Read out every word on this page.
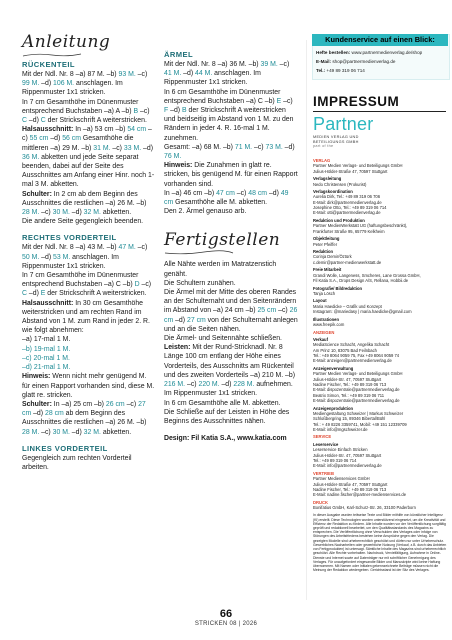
Anleitung
RÜCKENTEIL

Mit der Ndl. Nr. 8 –a) 87 M. –b) 93 M. –c) 99 M. –d) 106 M. anschlagen. Im Rippenmuster 1x1 stricken.

In 7 cm Gesamthöhe im Dünenmuster entsprechend Buchstaben –a) A –b) B –c) C –d) C der Strickschrift A weiterstricken.

Halsausschnitt: In –a) 53 cm –b) 54 cm –c) 55 cm –d) 56 cm Gesamthöhe die mittleren –a) 29 M. –b) 31 M. –c) 33 M. –d) 36 M. abketten und jede Seite separat beenden, dabei auf der Seite des Ausschnittes am Anfang einer Hinr. noch 1-mal 3 M. abketten.

Schulter: In 2 cm ab dem Beginn des Ausschnittes die restlichen –a) 26 M. –b) 28 M. –c) 30 M. –d) 32 M. abketten.

Die andere Seite gegengleich beenden.

RECHTES VORDERTEIL

Mit der Ndl. Nr. 8 –a) 43 M. –b) 47 M. –c) 50 M. –d) 53 M. anschlagen. Im Rippenmuster 1x1 stricken.

In 7 cm Gesamthöhe im Dünenmuster entsprechend Buchstaben –a) C –b) D –c) C –d) E der Strickschrift A weiterstricken.

Halsausschnitt: In 30 cm Gesamthöhe weiterstricken und am rechten Rand im Abstand von 1 M. zum Rand in jeder 2. R. wie folgt abnehmen:

–a) 17-mal 1 M.

–b) 19-mal 1 M.

–c) 20-mal 1 M.

–d) 21-mal 1 M.

Hinweis: Wenn nicht mehr genügend M. für einen Rapport vorhanden sind, diese M. glatt re. stricken.

Schulter: In –a) 25 cm –b) 26 cm –c) 27 cm –d) 28 cm ab dem Beginn des Ausschnittes die restlichen –a) 26 M. –b) 28 M. –c) 30 M. –d) 32 M. abketten.

LINKES VORDERTEIL

Gegengleich zum rechten Vorderteil arbeiten.

ÄRMEL

Mit der Ndl. Nr. 8 –a) 36 M. –b) 39 M. –c) 41 M. –d) 44 M. anschlagen. Im Rippenmuster 1x1 stricken.

In 6 cm Gesamthöhe im Dünenmuster entsprechend Buchstaben –a) C –b) E –c) F –d) B der Strickschrift A weiterstricken und beidseitig im Abstand von 1 M. zu den Rändern in jeder 4. R. 16-mal 1 M. zunehmen.

Gesamt: –a) 68 M. –b) 71 M. –c) 73 M. –d) 76 M.

Hinweis: Die Zunahmen in glatt re. stricken, bis genügend M. für einen Rapport vorhanden sind.

In –a) 46 cm –b) 47 cm –c) 48 cm –d) 49 cm Gesamthöhe alle M. abketten.

Den 2. Ärmel genauso arb.

Fertigstellen

Alle Nähte werden im Matratzenstich genäht.

Die Schultern zunähen.

Die Ärmel mit der Mitte des oberen Randes an der Schulternaht und den Seitenrändern im Abstand von –a) 24 cm –b) 25 cm –c) 26 cm –d) 27 cm von der Schulternaht anlegen und an die Seiten nähen.

Die Ärmel- und Seitennähte schließen.

Leisten: Mit der Rund-Stricknadl. Nr. 8 Länge 100 cm entlang der Höhe eines Vorderteils, des Ausschnitts am Rückenteil und des zweiten Vorderteils –a) 210 M. –b) 216 M. –c) 220 M. –d) 228 M. aufnehmen. Im Rippenmuster 1x1 stricken.

In 6 cm Gesamthöhe alle M. abketten.

Die Schließe auf der Leisten in Höhe des Beginns des Ausschnittes nähen.

Design: Fil Katia S.A., www.katia.com
Kundenservice auf einen Blick:
Hefte bestellen: www.partnermedienverlag.de/shop
E-Mail: shop@partnermedienverlag.de
Tel.: +49 89 319 06 714
IMPRESSUM
Partner
MEDIEN VERLAG UND BETEILIGUNGS GMBH
part of the

VERLAG
Partner Medien Verlags- und Beteiligungs GmbH
Julius-Hölder-Straße 47, 70597 Stuttgart

Verlagsleitung
Nedo Christensen (Prokurist)

Verlagskoordination
Aurelia Dirk, Tel.: +49 89 319 06 706
E-Mail: dirk@partnermedienverlag.de
Josephine Otto, Tel.: +49 89 319 06 714
E-Mail: otti@partnermedienverlag.de

Redaktion und Produktion
Partner MedienWerkstatt UG (haftungsbeschränkt),
Frankfurter Straße 95, 65779 Kelkheim

Objektleitung
Peter Pfeiffer

Redaktion
Corinja Demir/Öztürk
c.demir@partner-medienwerkstatt.de

Freie Mitarbeit
Grandi Wolle, Langeness, Smcheres, Lane Grossa GmbH,
Fil Katia S.A., Drops Design A/S, Rellana, Hobbii.de

Fotografie/ Bildredaktion
Tanja Lösch

Layout
Maria Haedicke – Grafik und Konzept
Instagram: @mariedasy | maria.haedicke@gmail.com

Illustrationen
www.freepik.com

ANZEIGEN

Verkauf
MediaScience Schacht, Angelika Schacht
Am Prinz 10, 83075 Bad Feilnbach
Tel.: +49 8064 9059 75, Fax +49 8064 9059 74
E-Mail: anzeigen@partnermedienverlag.de

Anzeigenverwaltung
Partner Medien Verlags- und Beteiligungs GmbH
Julius-Hölder-Str. 47, 70597 Stuttgart
Nadine Fischer, Tel.: +49 89 319 06 713
E-Mail: dispozentrale@partnermedienverlag.de
Beatrix Simon, Tel.: +49 89 319 06 711
E-Mail: dispozentrale@partnermedienverlag.de

Anzeigenproduktion
Mediengestaltung Schweizer | Markus Schweizer
Schloßbergring 15, 89346 Bibertal/Bühl
Tel.: + 49 8226 3359741, Mobil: +49 151 12339709
E-Mail: info@mgschweizer.de

SERVICE

Leserservice
Leserservice Einfach Stricken
Julius-Hölder-Str. 47, 70597 Stuttgart
Tel.: +49 89 319 06 714
E-Mail: info@partnermedienverlag.de

VERTRIEB
Partner Medienservices GmbH
Julius-Hölder-Straße 47, 70597 Stuttgart
Nadine Fischer, Tel.: +49 89 319 06 713
E-Mail: nadine.fischer@partner-medienservices.de

DRUCK
Bonifatius GmbH, Karl-Schurz-Str. 26, 33100 Paderborn

In dieser Ausgabe wurden teilweise Texte und Bilder mithilfe von künstlicher Intelligenz (KI) erstellt. Diese Technologien wurden unterstützend eingesetzt, um die Kreativität und Effizienz der Redaktion zu fördern. Alle Inhalte wurden vor der Veröffentlichung sorgfältig geprüft und redaktionell bearbeitet, um den Qualitätsstandards des Magazins zu entsprechen. Die Veröffentlichung ohne Verschulden des Verlages oder infolge von Störungen des Arbeitsfriedens bestehen keine Ansprüche gegen den Verlag. Die gezeigten Modelle sind urheberrechtlich geschützt und dürfen nur unter Urheberschutz. Gewerbliches Nacharbeiten oder gewerbliche Nutzung (Verkauf, z.B. durch das Anbieten von Fertigprodukten) ist untersagt. Sämtliche Inhalte des Magazins sind urheberrechtlich geschützt. Alle Rechte vorbehalten. Nachdruck, Vervielfältigung, Aufnahme in Online-Dienste und Internet sowie auf Datenträger nur mit schriftlicher Genehmigung des Verlages. Für unaufgefordert eingesandte Bilder und Manuskripte wird keine Haftung übernommen. Mit Namen oder Initialen gekennzeichnete Beiträge müssen nicht die Meinung der Redaktion wiedergeben. Gerichtsstand ist der Sitz des Verlages.

66
STRICKEN 08 | 2026
